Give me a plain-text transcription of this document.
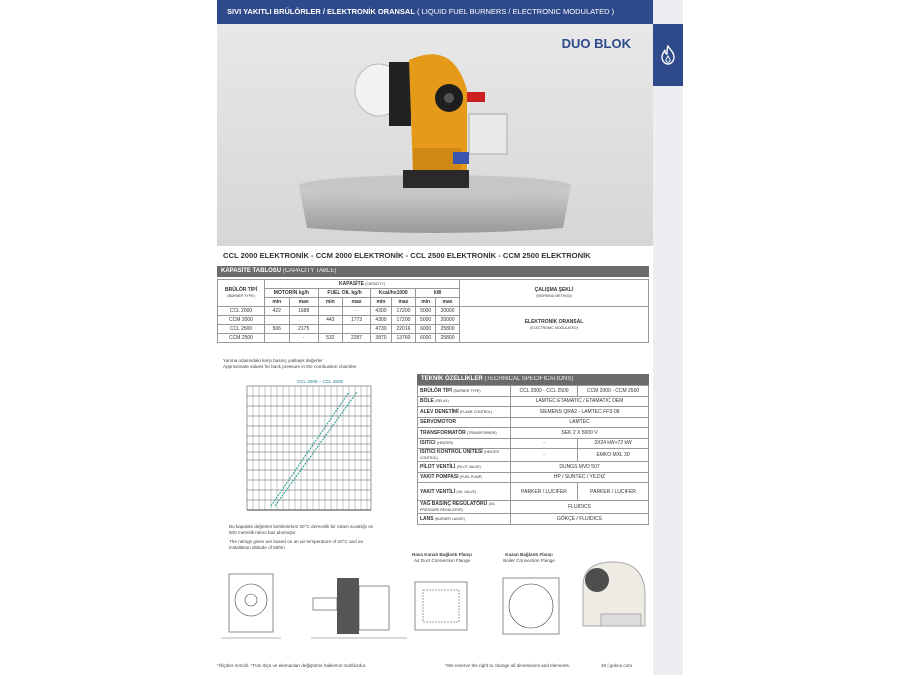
SIVI YAKITLI BRÜLÖRLER / ELEKTRONİK ORANSAL ( LIQUID FUEL BURNERS / ELECTRONIC MODULATED )
DUO BLOK
CCL 2000 ELEKTRONİK - CCM 2000 ELEKTRONİK - CCL 2500 ELEKTRONİK - CCM 2500 ELEKTRONİK
KAPASİTE TABLOSU (CAPACITY TABLE)
BRÜLÖR TİPİ
(BURNER TYPE)	KAPASİTE (CAPACITY)								ÇALIŞMA ŞEKLİ
(WORKING METHOD)
	MOTORİN kg/h		FUEL OIL kg/h		Kcal/hx1000		kW		
	min	max	min	max	min	max	min	max	
CCL 2000	422	1688		-	4300	17200	5000	20000	ELEKTRONİK ORANSAL
(ELECTRONIC MODULATED)
CCM 2000			443	1773	4300	17200	5000	20000	
CCL 2500	506	2175			4730	22016	6000	25800	
CCM 2500		-	532	2287	3870	13760	6000	25800	
Yanma odasındaki karşı basınç yaklaşık değerler
Approximate values for back pressure in the combustion chamber
CCL 2000 – CCL 2500
Bu kapasite değerleri belirlenirken 20°C derecelik bir ortam sıcaklığı ve 500 metrelik rakım baz alınmıştır.
The ratings given are based on an air temperature of 20°C and an installation altitude of 500m.
TEKNİK ÖZELLİKLER (TECHNICAL SPECIFICATIONS)
BRÜLÖR TİPİ (BURNER TYPE)	CCL 2000 - CCL 2500	CCM 2000 - CCM 2500
BÖLE (RELAY)	LAMTEC ETAMATIC / ETAMATIC OEM	
ALEV DENETİMİ (FLAME CONTROL)	SIEMENS QRA2 - LAMTEC FFS 08	
SERVOMOTOR	LAMTEC	
TRANSFORMATÖR (TRANSFORMER)	SEK 2 X 5000 V	
ISITICI (HEATER)	-	3X24 kW+72 kW
ISITICI KONTROL ÜNİTESİ (HEATER CONTROL)	-	EMKO MXL 30
PİLOT VENTİLİ (PILOT VALVE)	DUNGS MVD 507	
YAKIT POMPASI (FUEL PUMP)	HP / SUNTEC / YILDIZ	
YAKIT VENTİLİ (OIL VALVE)	PARKER / LUCIFER	PARKER / LUCIFER
YAĞ BASINÇ REGÜLATÖRÜ (OIL PRESSURE REGULATOR)	FLUIDICS	
LANS (BURNER LANCE)	GÖKÇE / FLUIDICS	
Hava Kanalı Bağlantı Flanşı
Air Duct Connection Flange
Kazan Bağlantı Flanşı
Boiler Connection Flange
*Ölçüler mm'dir. *Tüm ölçü ve elemanları değiştirme hakkımız mahfuzdur.	*We reserve the right to change all dimensions and elements.	48 | gokce.com
